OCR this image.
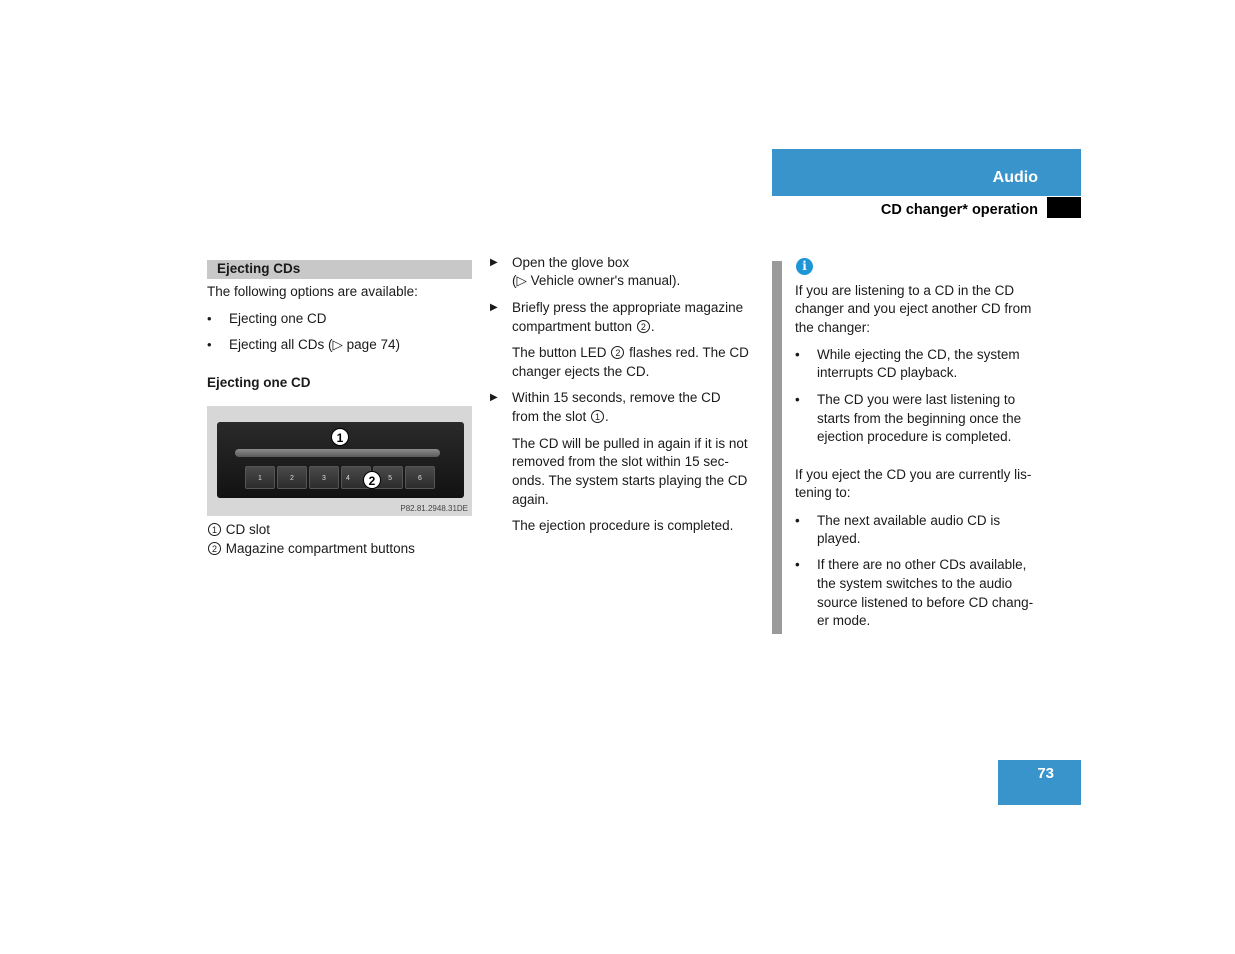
Audio
CD changer* operation
Ejecting CDs
The following options are available:
• Ejecting one CD
• Ejecting all CDs (▷ page 74)
Ejecting one CD
1	2	3	4	5	6
1
2
P82.81.2948.31DE
1 CD slot
2 Magazine compartment buttons
▶ Open the glove box
(▷ Vehicle owner's manual).
▶ Briefly press the appropriate magazine
compartment button 2 .
The button LED 2 flashes red. The CD
changer ejects the CD.
▶ Within 15 seconds, remove the CD
from the slot 1 .
The CD will be pulled in again if it is not
removed from the slot within 15 sec-
onds. The system starts playing the CD
again.
The ejection procedure is completed.
i
If you are listening to a CD in the CD
changer and you eject another CD from
the changer:
• While ejecting the CD, the system
interrupts CD playback.
• The CD you were last listening to
starts from the beginning once the
ejection procedure is completed.
If you eject the CD you are currently lis-
tening to:
• The next available audio CD is
played.
• If there are no other CDs available,
the system switches to the audio
source listened to before CD chang-
er mode.
73
